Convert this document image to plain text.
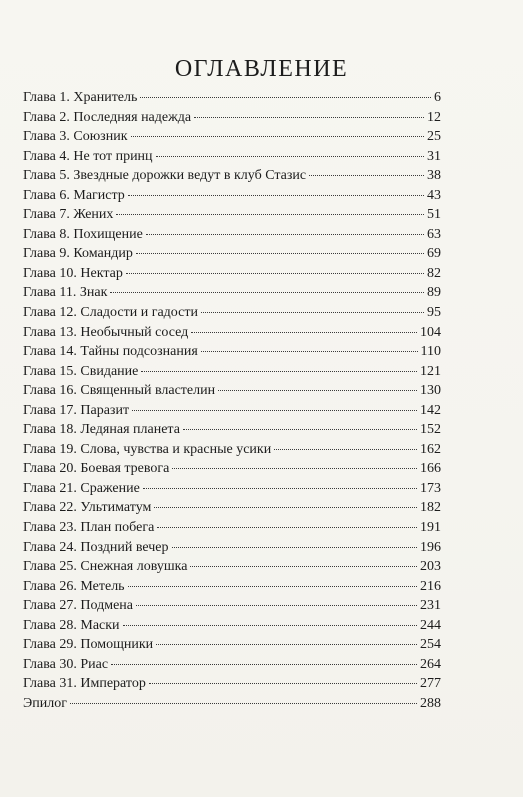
ОГЛАВЛЕНИЕ
Глава 1. Хранитель	6
Глава 2. Последняя надежда	12
Глава 3. Союзник	25
Глава 4. Не тот принц	31
Глава 5. Звездные дорожки ведут в клуб Стазис	38
Глава 6. Магистр	43
Глава 7. Жених	51
Глава 8. Похищение	63
Глава 9. Командир	69
Глава 10. Нектар	82
Глава 11. Знак	89
Глава 12. Сладости и гадости	95
Глава 13. Необычный сосед	104
Глава 14. Тайны подсознания	110
Глава 15. Свидание	121
Глава 16. Священный властелин	130
Глава 17. Паразит	142
Глава 18. Ледяная планета	152
Глава 19. Слова, чувства и красные усики	162
Глава 20. Боевая тревога	166
Глава 21. Сражение	173
Глава 22. Ультиматум	182
Глава 23. План побега	191
Глава 24. Поздний вечер	196
Глава 25. Снежная ловушка	203
Глава 26. Метель	216
Глава 27. Подмена	231
Глава 28. Маски	244
Глава 29. Помощники	254
Глава 30. Риас	264
Глава 31. Император	277
Эпилог	288
